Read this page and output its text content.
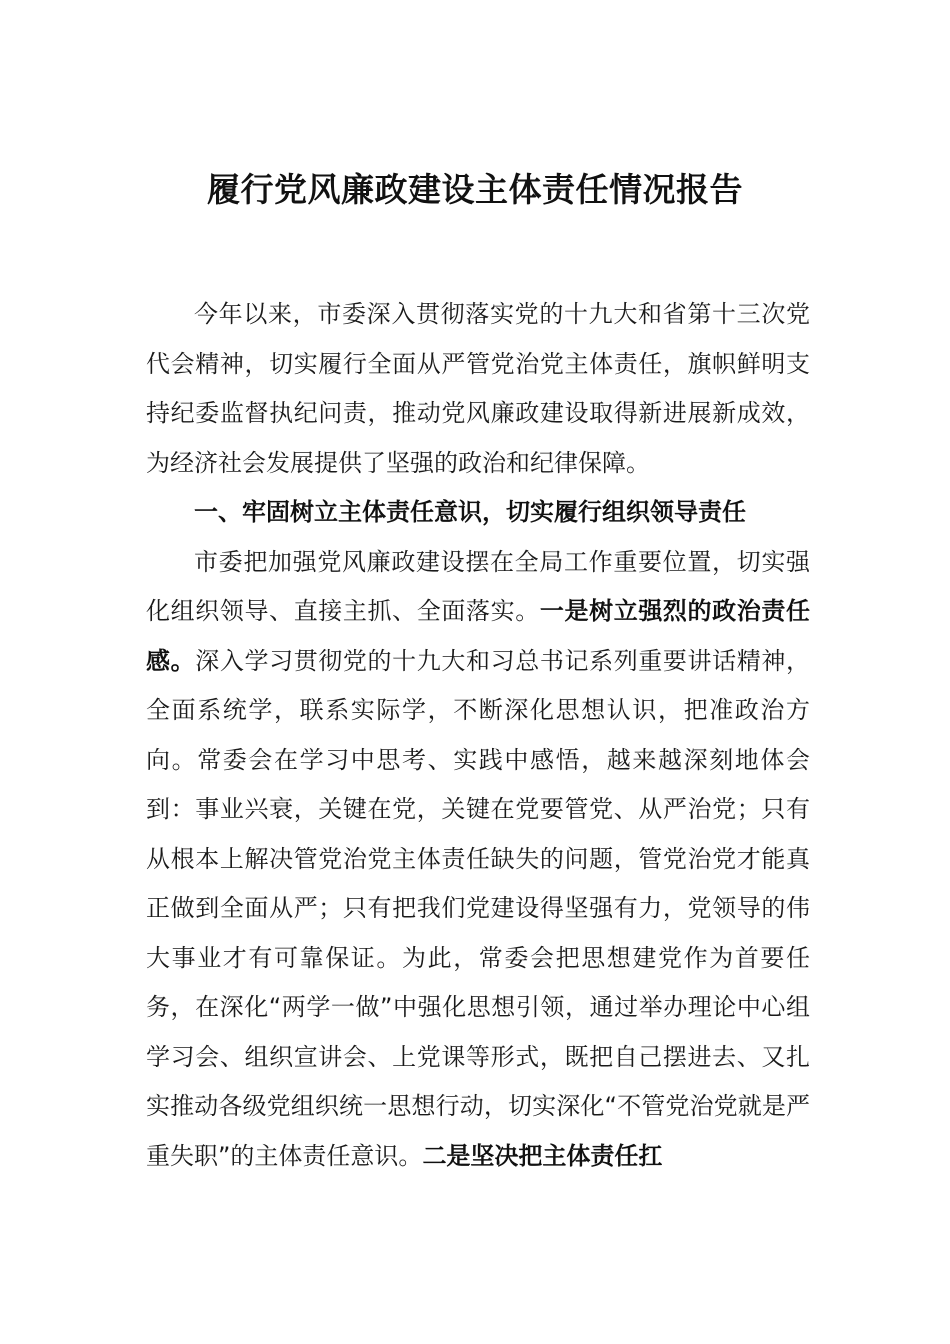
履行党风廉政建设主体责任情况报告

今年以来，市委深入贯彻落实党的十九大和省第十三次党代会精神，切实履行全面从严管党治党主体责任，旗帜鲜明支持纪委监督执纪问责，推动党风廉政建设取得新进展新成效，为经济社会发展提供了坚强的政治和纪律保障。

一、牢固树立主体责任意识，切实履行组织领导责任

市委把加强党风廉政建设摆在全局工作重要位置，切实强化组织领导、直接主抓、全面落实。一是树立强烈的政治责任感。深入学习贯彻党的十九大和习总书记系列重要讲话精神，全面系统学，联系实际学，不断深化思想认识，把准政治方向。常委会在学习中思考、实践中感悟，越来越深刻地体会到：事业兴衰，关键在党，关键在党要管党、从严治党；只有从根本上解决管党治党主体责任缺失的问题，管党治党才能真正做到全面从严；只有把我们党建设得坚强有力，党领导的伟大事业才有可靠保证。为此，常委会把思想建党作为首要任务，在深化“两学一做”中强化思想引领，通过举办理论中心组学习会、组织宣讲会、上党课等形式，既把自己摆进去、又扎实推动各级党组织统一思想行动，切实深化“不管党治党就是严重失职”的主体责任意识。二是坚决把主体责任扛
